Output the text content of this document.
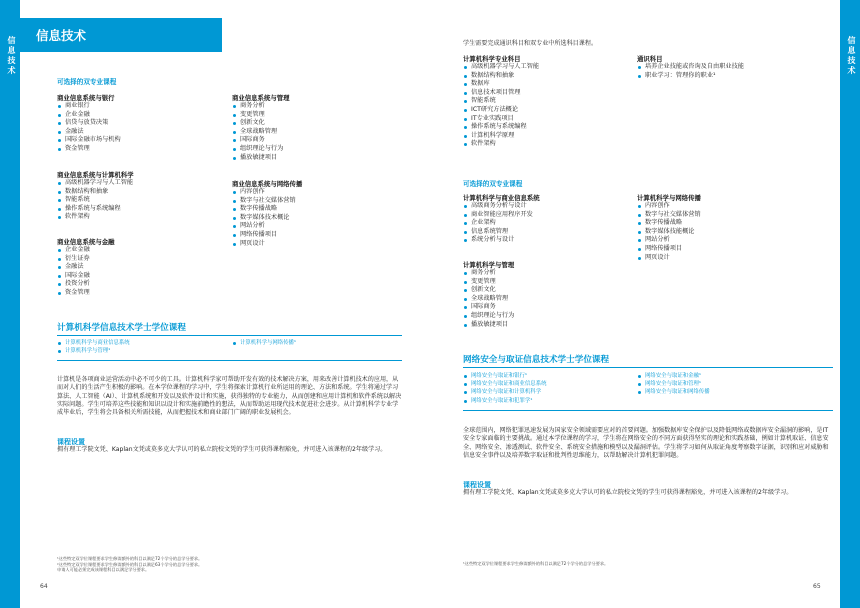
信息技术
信息技术
可选择的双专业课程
商业信息系统与银行
商业银行
企业金融
信贷与放贷决策
金融法
国际金融市场与机构
资金管理
商业信息系统与管理
商务分析
变更管理
创新文化
全球战略管理
国际商务
组织理论与行为
播放敏捷项目
商业信息系统与计算机科学
高级机器学习与人工智能
数据结构和抽象
智能系统
操作系统与系统编程
软件架构
商业信息系统与网络传播
内容创作
数字与社交媒体营销
数字传播战略
数字媒体技术概论
网站分析
网络传播项目
网页设计
商业信息系统与金融
企业金融
衍生证券
金融法
国际金融
投资分析
资金管理
计算机科学信息技术学士学位课程
计算机科学与商业信息系统
计算机科学与管理¹
计算机科学与网络传播¹
计算机是各项商业运营活动中必不可少的工具。计算机科学家可帮助开发有效的技术解决方案，用来改善计算机技术的应用，从而对人们的生活产生积极的影响。在本学位课程的学习中，学生将探索计算机行业所运用的理论、方法和系统。学生将通过学习算法、人工智能（AI）、计算机系统和开发以及软件设计和实施，获得独特的专业能力，从而创建和应用计算机和软件系统以解决实际问题。学生可培养这些技能和知识以设计和实施前瞻性的想法，从而帮助运用现代技术促进社会进步。从计算机科学专业学成毕业后，学生将会具备相关所需技能，从而把握技术和商业部门广阔的职业发展机会。
课程设置
拥有理工学院文凭、Kaplan文凭或莫多克大学认可的私立院校文凭的学生可获得课程豁免，并可进入该课程的2年级学习。
¹这些特定双学位课程要求学生修读额外的科目以满足72个学分的总学分要求。
²这些特定双学位课程要求学生修读额外的科目以满足63个学分的总学分要求。
申请人可能必须完成该课程科目以满足学分要求。
64
信息技术
学生需要完成通识科目和双专业中所选科目课程。
计算机科学专业科目
高级机器学习与人工智能
数据结构和抽象
数据库
信息技术项目管理
智能系统
ICT研究方法概论
IT专业实践项目
操作系统与系统编程
计算机科学原理
软件架构
通识科目
培养企业技能或咨询及自由职业技能
职业学习：管理你的职业¹
可选择的双专业课程
计算机科学与商业信息系统
高级商务分析与设计
商业智能应用程序开发
企业架构
信息系统管理
系统分析与设计
计算机科学与网络传播
内容创作
数字与社交媒体营销
数字传播战略
数字媒体技能概论
网站分析
网络传播项目
网页设计
计算机科学与管理
商务分析
变更管理
创新文化
全球战略管理
国际商务
组织理论与行为
播放敏捷项目
网络安全与取证信息技术学士学位课程
网络安全与取证和银行¹
网络安全与取证和商业信息系统
网络安全与取证和计算机科学
网络安全与取证和犯罪学¹
网络安全与取证和金融¹
网络安全与取证和管理¹
网络安全与取证和网络传播
全球范围内，网络犯罪迅速发展为国家安全领域需要应对的首要问题。加强数据库安全保护以及降低网络或数据库安全漏洞的影响，是IT安全专家面临的主要挑战。通过本学位课程的学习，学生将在网络安全的不同方面获得坚实的理论和实践基础，例如计算机取证、信息安全、网络安全、渗透测试、软件安全、系统安全措施和模型以及漏洞评估。学生将学习如何从取证角度考察数字证据，识别和应对威胁和信息安全事件以及培养数字取证和批判性思维能力，以帮助解决计算机犯罪问题。
课程设置
拥有理工学院文凭、Kaplan文凭或莫多克大学认可的私立院校文凭的学生可获得课程豁免，并可进入该课程的2年级学习。
¹这些特定双学位课程要求学生修读额外的科目以满足72个学分的总学分要求。
65
